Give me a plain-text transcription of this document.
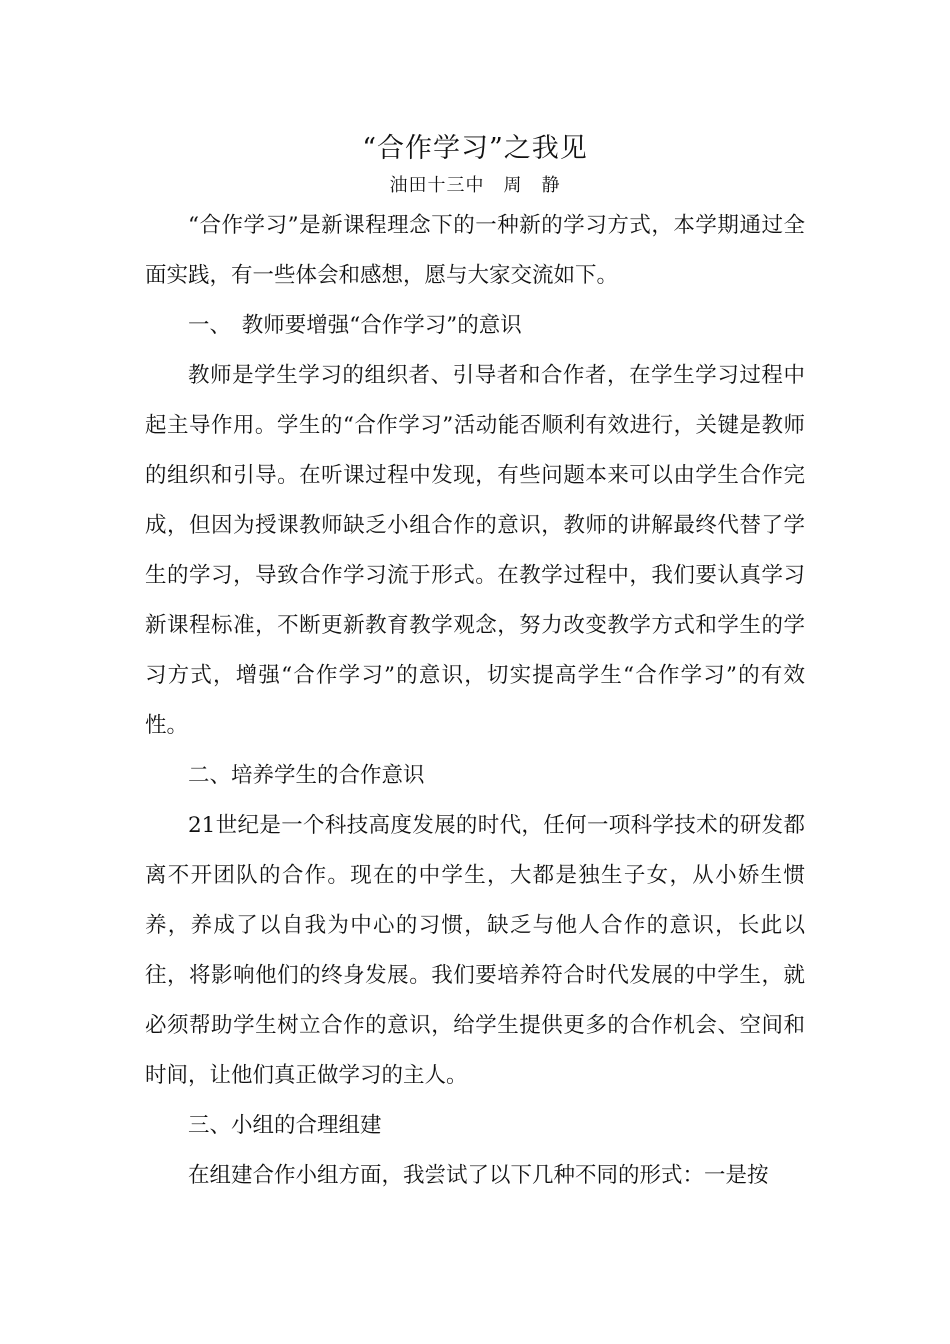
“合作学习”之我见
油田十三中　周　静

“合作学习”是新课程理念下的一种新的学习方式，本学期通过全面实践，有一些体会和感想，愿与大家交流如下。

一、　教师要增强“合作学习”的意识

教师是学生学习的组织者、引导者和合作者，在学生学习过程中起主导作用。学生的“合作学习”活动能否顺利有效进行，关键是教师的组织和引导。在听课过程中发现，有些问题本来可以由学生合作完成，但因为授课教师缺乏小组合作的意识，教师的讲解最终代替了学生的学习，导致合作学习流于形式。在教学过程中，我们要认真学习新课程标准，不断更新教育教学观念，努力改变教学方式和学生的学习方式，增强“合作学习”的意识，切实提高学生“合作学习”的有效性。

二、培养学生的合作意识

21世纪是一个科技高度发展的时代，任何一项科学技术的研发都离不开团队的合作。现在的中学生，大都是独生子女，从小娇生惯养，养成了以自我为中心的习惯，缺乏与他人合作的意识，长此以往，将影响他们的终身发展。我们要培养符合时代发展的中学生，就必须帮助学生树立合作的意识，给学生提供更多的合作机会、空间和时间，让他们真正做学习的主人。

三、小组的合理组建

在组建合作小组方面，我尝试了以下几种不同的形式：一是按
